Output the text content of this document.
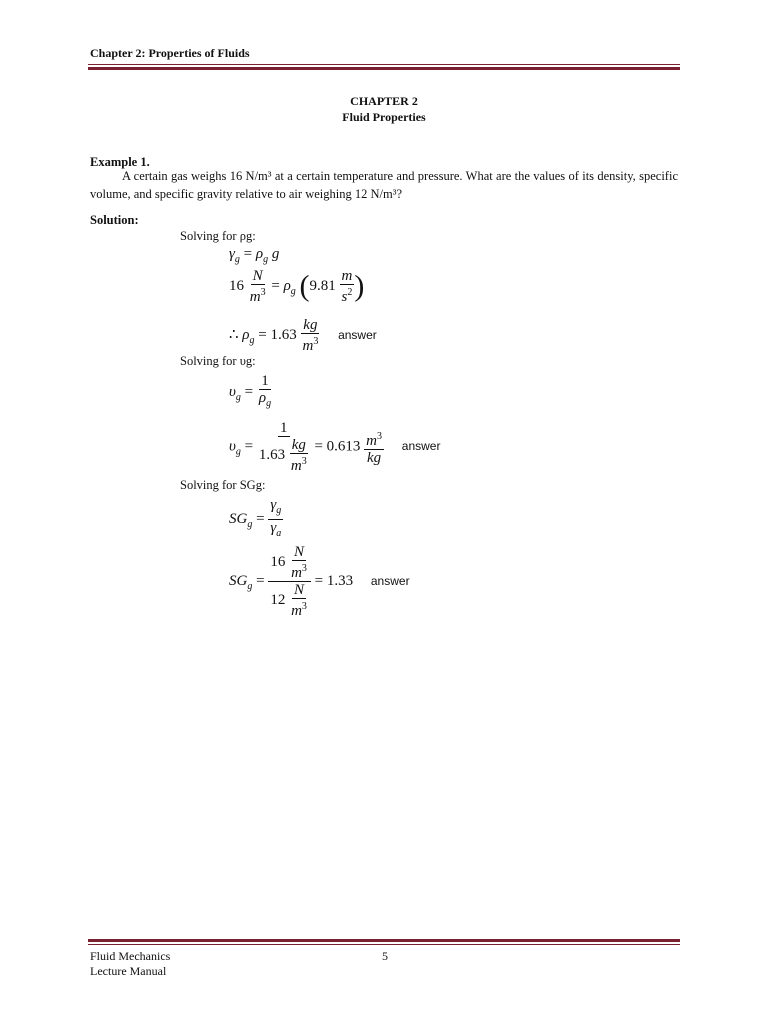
Chapter 2: Properties of Fluids
CHAPTER 2
Fluid Properties
Example 1.
A certain gas weighs 16 N/m³ at a certain temperature and pressure. What are the values of its density, specific volume, and specific gravity relative to air weighing 12 N/m³?
Solution:
Solving for ρg:
$\gamma_g = \rho_g$ g
$16 \frac{N}{m^3} = \rho_g$ ($9.81 \frac{m}{s^2}$ )
∴ $\rho_g = 1.63 \frac{kg}{m^3}$ answer
Solving for υg:
$\upsilon_g = \frac{1}{\rho_g}$
$\upsilon_g = \frac{1}{1.63 \frac{kg}{m^3}} = 0.613 \frac{m^3}{kg}$ answer
Solving for SGg:
$SG_g = \frac{\gamma_g}{\gamma_a}$
$SG_g = \frac{16 \frac{N}{m^3}}{12 \frac{N}{m^3}} = 1.33$ answer
Fluid Mechanics
Lecture Manual
5
